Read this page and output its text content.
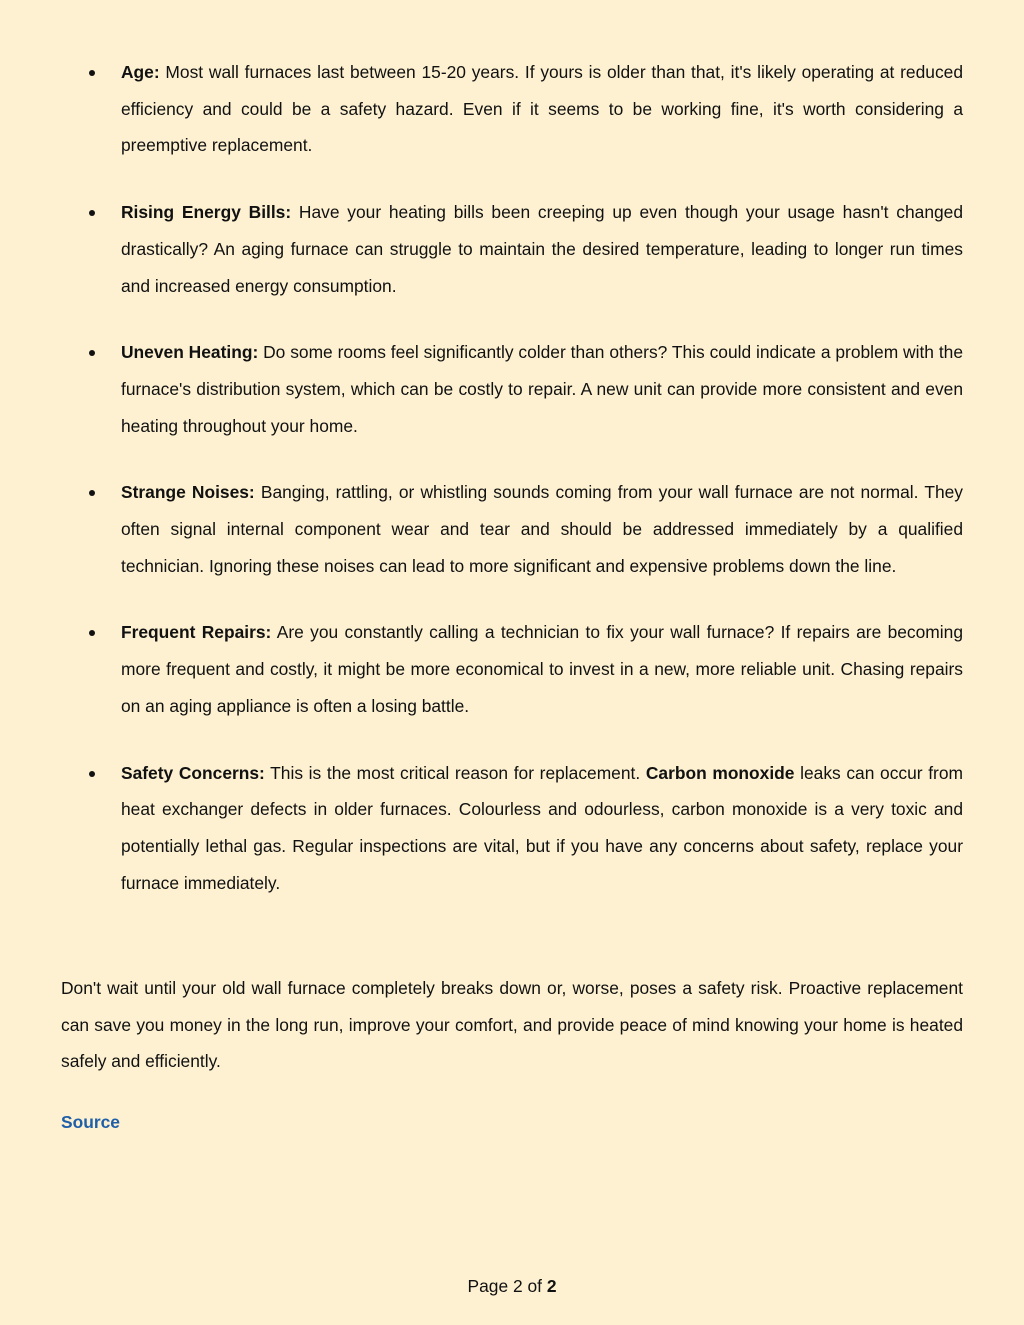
Age: Most wall furnaces last between 15-20 years. If yours is older than that, it's likely operating at reduced efficiency and could be a safety hazard. Even if it seems to be working fine, it's worth considering a preemptive replacement.
Rising Energy Bills: Have your heating bills been creeping up even though your usage hasn't changed drastically? An aging furnace can struggle to maintain the desired temperature, leading to longer run times and increased energy consumption.
Uneven Heating: Do some rooms feel significantly colder than others? This could indicate a problem with the furnace's distribution system, which can be costly to repair. A new unit can provide more consistent and even heating throughout your home.
Strange Noises: Banging, rattling, or whistling sounds coming from your wall furnace are not normal. They often signal internal component wear and tear and should be addressed immediately by a qualified technician. Ignoring these noises can lead to more significant and expensive problems down the line.
Frequent Repairs: Are you constantly calling a technician to fix your wall furnace? If repairs are becoming more frequent and costly, it might be more economical to invest in a new, more reliable unit. Chasing repairs on an aging appliance is often a losing battle.
Safety Concerns: This is the most critical reason for replacement. Carbon monoxide leaks can occur from heat exchanger defects in older furnaces. Colourless and odourless, carbon monoxide is a very toxic and potentially lethal gas. Regular inspections are vital, but if you have any concerns about safety, replace your furnace immediately.

Don't wait until your old wall furnace completely breaks down or, worse, poses a safety risk. Proactive replacement can save you money in the long run, improve your comfort, and provide peace of mind knowing your home is heated safely and efficiently.

Source
Page 2 of 2
